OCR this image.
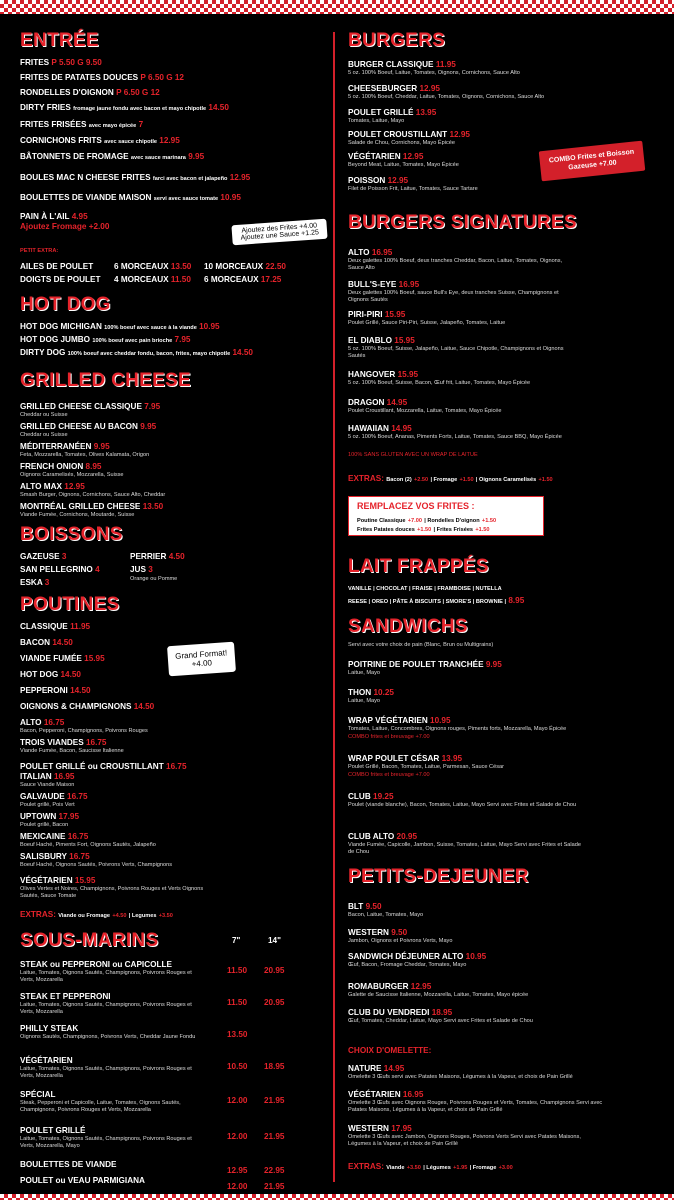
ENTRÉE
FRITES P 5.50 G 9.50
FRITES DE PATATES DOUCES P 6.50 G 12
RONDELLES D'OIGNON P 6.50 G 12
DIRTY FRIES fromage jaune fondu avec bacon et mayo chipotle 14.50
FRITES FRISÉES avec mayo épicée 7
CORNICHONS FRITS avec sauce chipotle 12.95
BÂTONNETS DE FROMAGE avec sauce marinara 9.95
BOULES MAC N CHEESE FRITES farci avec bacon et jalapeño 12.95
BOULETTES DE VIANDE MAISON servi avec sauce tomate 10.95
PAIN À L'AIL 4.95
Ajoutez Fromage +2.00	Ajoutez des Frites +4.00 Ajoutez une Sauce +1.25
PETIT EXTRA:
AILES DE POULET	6 MORCEAUX 13.50 10 MORCEAUX 22.50
DOIGTS DE POULET 4 MORCEAUX 11.50 6 MORCEAUX 17.25
HOT DOG
HOT DOG MICHIGAN 100% boeuf avec sauce à la viande 10.95
HOT DOG JUMBO 100% boeuf avec pain brioche 7.95
DIRTY DOG 100% boeuf avec cheddar fondu, bacon, frites, mayo chipotle 14.50
GRILLED CHEESE
GRILLED CHEESE CLASSIQUE 7.95
Cheddar ou Suisse
GRILLED CHEESE AU BACON 9.95
Cheddar ou Suisse
MÉDITERRANÉEN 9.95
Feta, Mozzarella, Tomates, Olives Kalamata, Origon
FRENCH ONION 8.95
Oignons Caramelisés, Mozzarella, Suisse
ALTO MAX 12.95
Smash Burger, Oignons, Cornichons, Sauce Alto, Cheddar
MONTRÉAL GRILLED CHEESE 13.50
Viande Fumée, Cornichons, Moutarde, Suisse
BOISSONS
GAZEUSE 3
SAN PELLEGRINO 4
ESKA 3
PERRIER 4.50
JUS 3
Orange ou Pomme
POUTINES
CLASSIQUE 11.95
BACON 14.50
VIANDE FUMÉE 15.95
HOT DOG 14.50
PEPPERONI 14.50
OIGNONS & CHAMPIGNONS 14.50
Grand Format! +4.00
ALTO 16.75
Bacon, Pepperoni, Champignons, Poivrons Rouges
TROIS VIANDES 16.75
Viande Fumée, Bacon, Saucisse Italienne
POULET GRILLÉ ou CROUSTILLANT 16.75
ITALIAN 16.95
Sauce Viande Maison
GALVAUDE 16.75
Poulet grillé, Pois Vert
UPTOWN 17.95
Poulet grillé, Bacon
MEXICAINE 16.75
Boeuf Haché, Piments Fort, Oignons Sautés, Jalapeño
SALISBURY 16.75
Boeuf Haché, Oignons Sautés, Poivrons Verts, Champignons
VÉGÉTARIEN 15.95
Olives Vertes et Noires, Champignons, Poivrons Rouges et Verts Oignons Sautés, Sauce Tomate
EXTRAS: Viande ou Fromage +4.50 | Legumes +3.50
SOUS-MARINS	7"	14"
STEAK ou PEPPERONI ou CAPICOLLE
11.50 20.95
Laitue, Tomates, Oignons Sautés, Champignons, Poivrons Rouges et Verts, Mozzarella
STEAK ET PEPPERONI
11.50 20.95
Laitue, Tomates, Oignons Sautés, Champignons, Poivrons Rouges et Verts, Mozzarella
PHILLY STEAK
13.50
Oignons Sautés, Champignons, Poivrons Verts, Cheddar Jaune Fondu
VÉGÉTARIEN
10.50 18.95
Laitue, Tomates, Oignons Sautés, Champignons, Poivrons Rouges et Verts, Mozzarella
SPÉCIAL
12.00 21.95
Steak, Pepperoni et Capicolle, Laitue, Tomates, Oignons Sautés, Champignons, Poivrons Rouges et Verts, Mozzarella
POULET GRILLÉ
12.00 21.95
Laitue, Tomates, Oignons Sautés, Champignons, Poivrons Rouges et Verts, Mozzarella, Mayo
BOULETTES DE VIANDE
12.95 22.95
POULET ou VEAU PARMIGIANA
12.00 21.95
BURGERS
BURGER CLASSIQUE 11.95
5 oz. 100% Boeuf, Laitue, Tomates, Oignons, Cornichons, Sauce Alto
CHEESEBURGER 12.95
5 oz. 100% Boeuf, Cheddar, Laitue, Tomates, Oignons, Cornichons, Sauce Alto
POULET GRILLÉ 13.95
Tomates, Laitue, Mayo
POULET CROUSTILLANT 12.95
Salade de Chou, Cornichons, Mayo Épicée
VÉGÉTARIEN 12.95
Beyond Meat, Laitue, Tomates, Mayo Épicée
POISSON 12.95
Filet de Poisson Frit, Laitue, Tomates, Sauce Tartare
COMBO Frites et Boisson Gazeuse +7.00
BURGERS SIGNATURES
ALTO 16.95
Deux galettes 100% Boeuf, deux tranches Cheddar, Bacon, Laitue, Tomates, Oignons, Sauce Alto
BULL'S-EYE 16.95
Deux galettes 100% Boeuf, sauce Bull's Eye, deux tranches Suisse, Champignons et Oignons Sautés
PIRI-PIRI 15.95
Poulet Grillé, Sauce Piri-Piri, Suisse, Jalapeño, Tomates, Laitue
EL DIABLO 15.95
5 oz. 100% Boeuf, Suisse, Jalapeño, Laitue, Sauce Chipotle, Champignons et Oignons Sautés
HANGOVER 15.95
5 oz. 100% Boeuf, Suisse, Bacon, Œuf frit, Laitue, Tomates, Mayo Épicée
DRAGON 14.95
Poulet Croustillant, Mozzarella, Laitue, Tomates, Mayo Épicée
HAWAIIAN 14.95
5 oz. 100% Boeuf, Ananas, Piments Forts, Laitue, Tomates, Sauce BBQ, Mayo Épicée
100% SANS GLUTEN AVEC UN WRAP DE LAITUE
EXTRAS: Bacon (2) +2.50 | Fromage +1.50 | Oignons Caramelisés +1.50
REMPLACEZ VOS FRITES :
Poutine Classique +7.00 | Rondelles D'oignon +1.50
Frites Patates douces +1.50 | Frites Frisées +1.50
LAIT FRAPPÉS
VANILLE | CHOCOLAT | FRAISE | FRAMBOISE | NUTELLA
REESE | OREO | PÂTE À BISCUITS | SMORE'S | BROWNIE | 8.95
SANDWICHS
Servi avec votre choix de pain (Blanc, Brun ou Multigrains)
POITRINE DE POULET TRANCHÉE 9.95
Laitue, Mayo
THON 10.25
Laitue, Mayo
WRAP VÉGÉTARIEN 10.95
Tomates, Laitue, Concombres, Oignons rouges, Piments forts, Mozzarella, Mayo Épicée
COMBO frites et breuvage +7.00
WRAP POULET CÉSAR 13.95
Poulet Grillé, Bacon, Tomates, Laitue, Parmesan, Sauce César
COMBO frites et breuvage +7.00
CLUB 19.25
Poulet (viande blanche), Bacon, Tomates, Laitue, Mayo Servi avec Frites et Salade de Chou
CLUB ALTO 20.95
Viande Fumée, Capicolle, Jambon, Suisse, Tomates, Laitue, Mayo Servi avec Frites et Salade de Chou
PETITS-DEJEUNER
BLT 9.50
Bacon, Laitue, Tomates, Mayo
WESTERN 9.50
Jambon, Oignons et Poivrons Verts, Mayo
SANDWICH DÉJEUNER ALTO 10.95
Œuf, Bacon, Fromage Cheddar, Tomates, Mayo
ROMABURGER 12.95
Galette de Saucisse Italienne, Mozzarella, Laitue, Tomates, Mayo épicée
CLUB DU VENDREDI 18.95
Œuf, Tomates, Cheddar, Laitue, Mayo Servi avec Frites et Salade de Chou
CHOIX D'OMELETTE:
NATURE 14.95
Omelette 3 Œufs servi avec Patates Maisons, Légumes à la Vapeur, et choix de Pain Grillé
VÉGÉTARIEN 16.95
Omelette 3 Œufs avec Oignons Rouges, Poivrons Rouges et Verts, Tomates, Champignons Servi avec Patates Maisons, Légumes à la Vapeur, et choix de Pain Grillé
WESTERN 17.95
Omelette 3 Œufs avec Jambon, Oignons Rouges, Poivrons Verts Servi avec Patates Maisons, Légumes à la Vapeur, et choix de Pain Grillé
EXTRAS: Viande +3.50 | Légumes +1.95 | Fromage +3.00
